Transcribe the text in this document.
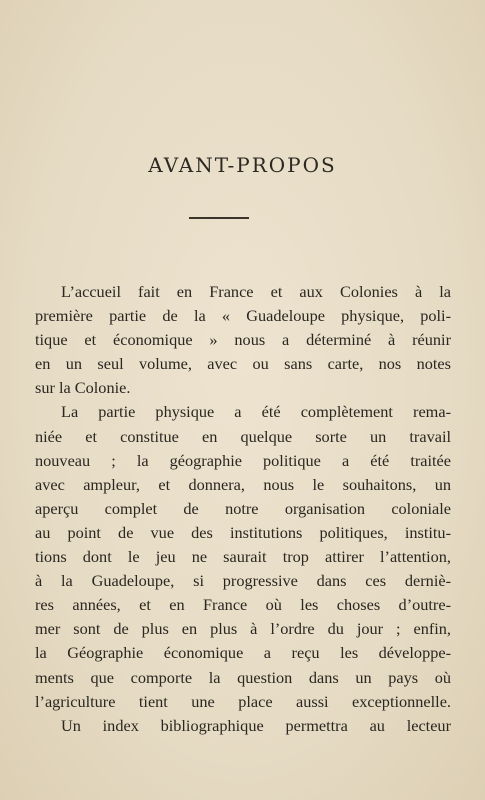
AVANT-PROPOS
L’accueil fait en France et aux Colonies à la
première partie de la « Guadeloupe physique, poli-
tique et économique » nous a déterminé à réunir
en un seul volume, avec ou sans carte, nos notes
sur la Colonie.
La partie physique a été complètement rema-
niée et constitue en quelque sorte un travail
nouveau ; la géographie politique a été traitée
avec ampleur, et donnera, nous le souhaitons, un
aperçu complet de notre organisation coloniale
au point de vue des institutions politiques, institu-
tions dont le jeu ne saurait trop attirer l’attention,
à la Guadeloupe, si progressive dans ces derniè-
res années, et en France où les choses d’outre-
mer sont de plus en plus à l’ordre du jour ; enfin,
la Géographie économique a reçu les développe-
ments que comporte la question dans un pays où
l’agriculture tient une place aussi exceptionnelle.
Un index bibliographique permettra au lecteur
